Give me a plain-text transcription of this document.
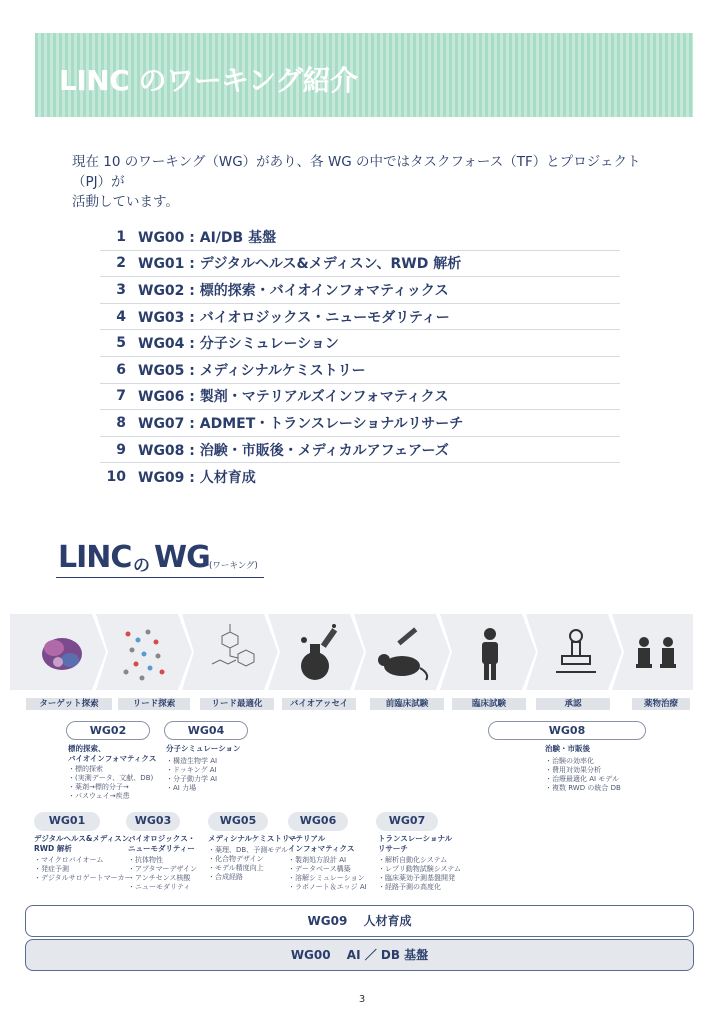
LINC のワーキング紹介
現在 10 のワーキング（WG）があり、各 WG の中ではタスクフォース（TF）とプロジェクト（PJ）が
活動しています。
1 WG00 : AI/DB 基盤
2 WG01 : デジタルヘルス&メディスン、RWD 解析
3 WG02 : 標的探索・バイオインフォマティックス
4 WG03 : バイオロジックス・ニューモダリティー
5 WG04 : 分子シミュレーション
6 WG05 : メディシナルケミストリー
7 WG06 : 製剤・マテリアルズインフォマティクス
8 WG07 : ADMET・トランスレーショナルリサーチ
9 WG08 : 治験・市販後・メディカルアフェアーズ
10 WG09 : 人材育成
LINC の WG (ワーキング)
ターゲット探索	リード探索	リード最適化	バイオアッセイ	前臨床試験	臨床試験	承認	薬物治療
WG02
標的探索、
バイオインフォマティクス
・ 標的探索
・ (実測データ、文献、DB)
・ 薬剤→標的分子→
・ パスウェイ→疾患
WG04
分子シミュレーション
・ 構造生物学 AI
・ ドッキング AI
・ 分子動力学 AI
・ AI 力場
WG08
治験・市販後
・ 治験の効率化
・ 費用対効果分析
・ 治療最適化 AI モデル
・ 複数 RWD の統合 DB
WG01
デジタルヘルス&メディスン、
RWD 解析
・ マイクロバイオーム
・ 発症予測
・ デジタルサロゲートマーカー
WG03
バイオロジックス・
ニューモダリティー
・ 抗体物性
・ アプタマーデザイン
・ アンチセンス核酸
・ ニューモダリティ
WG05
メディシナルケミストリー
・ 薬理、DB、予測モデル
・ 化合物デザイン
・ モデル精度向上
・ 合成経路
WG06
マテリアル
インフォマティクス
・ 製剤処方設計 AI
・ データベース構築
・ 溶解シミュレーション
・ ラボノート＆エッジ AI
WG07
トランスレーショナル
リサーチ
・ 解析自動化システム
・ レプリ動物試験システム
・ 臨床薬効予測基盤開発
・ 経路予測の高度化
WG09　 人材育成
WG00　 AI ／ DB 基盤
3
